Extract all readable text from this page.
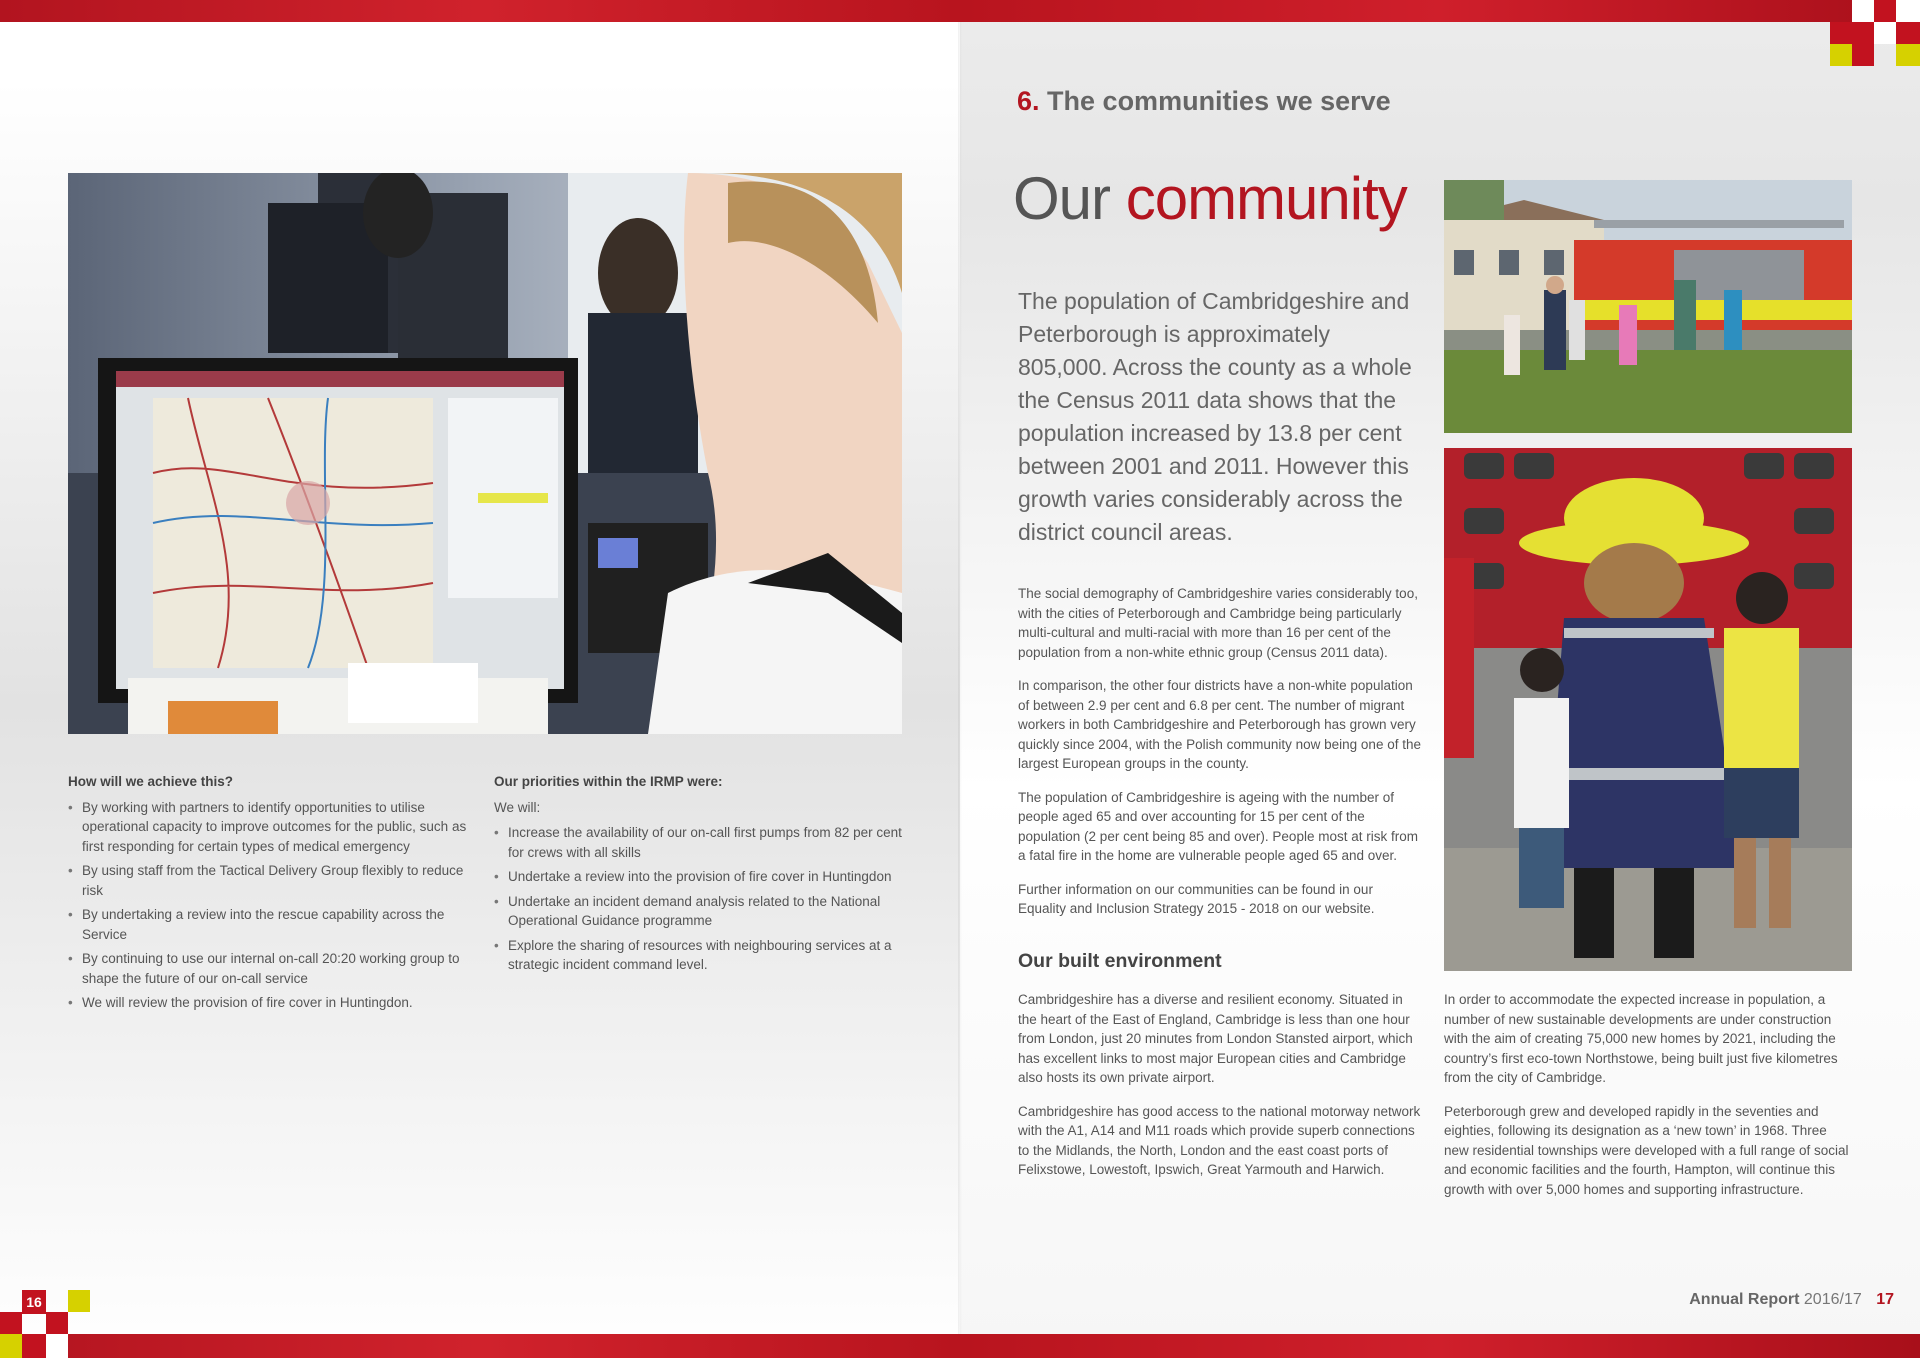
How will we achieve this?
• By working with partners to identify opportunities to utilise operational capacity to improve outcomes for the public, such as first responding for certain types of medical emergency
• By using staff from the Tactical Delivery Group flexibly to reduce risk
• By undertaking a review into the rescue capability across the Service
• By continuing to use our internal on-call 20:20 working group to shape the future of our on-call service
• We will review the provision of fire cover in Huntingdon.
Our priorities within the IRMP were:

We will:

• Increase the availability of our on-call first pumps from 82 per cent for crews with all skills
• Undertake a review into the provision of fire cover in Huntingdon
• Undertake an incident demand analysis related to the National Operational Guidance programme
• Explore the sharing of resources with neighbouring services at a strategic incident command level.
16
6. The communities we serve
Our community
The population of Cambridgeshire and Peterborough is approximately 805,000. Across the county as a whole the Census 2011 data shows that the population increased by 13.8 per cent between 2001 and 2011. However this growth varies considerably across the district council areas.

The social demography of Cambridgeshire varies considerably too, with the cities of Peterborough and Cambridge being particularly multi-cultural and multi-racial with more than 16 per cent of the population from a non-white ethnic group (Census 2011 data).

In comparison, the other four districts have a non-white population of between 2.9 per cent and 6.8 per cent. The number of migrant workers in both Cambridgeshire and Peterborough has grown very quickly since 2004, with the Polish community now being one of the largest European groups in the county.

The population of Cambridgeshire is ageing with the number of people aged 65 and over accounting for 15 per cent of the population (2 per cent being 85 and over). People most at risk from a fatal fire in the home are vulnerable people aged 65 and over.

Further information on our communities can be found in our Equality and Inclusion Strategy 2015 - 2018 on our website.

Our built environment

Cambridgeshire has a diverse and resilient economy. Situated in the heart of the East of England, Cambridge is less than one hour from London, just 20 minutes from London Stansted airport, which has excellent links to most major European cities and Cambridge also hosts its own private airport.

Cambridgeshire has good access to the national motorway network with the A1, A14 and M11 roads which provide superb connections to the Midlands, the North, London and the east coast ports of Felixstowe, Lowestoft, Ipswich, Great Yarmouth and Harwich.

In order to accommodate the expected increase in population, a number of new sustainable developments are under construction with the aim of creating 75,000 new homes by 2021, including the country’s first eco-town Northstowe, being built just five kilometres from the city of Cambridge.

Peterborough grew and developed rapidly in the seventies and eighties, following its designation as a ‘new town’ in 1968. Three new residential townships were developed with a full range of social and economic facilities and the fourth, Hampton, will continue this growth with over 5,000 homes and supporting infrastructure.

Annual Report 2016/17 17
